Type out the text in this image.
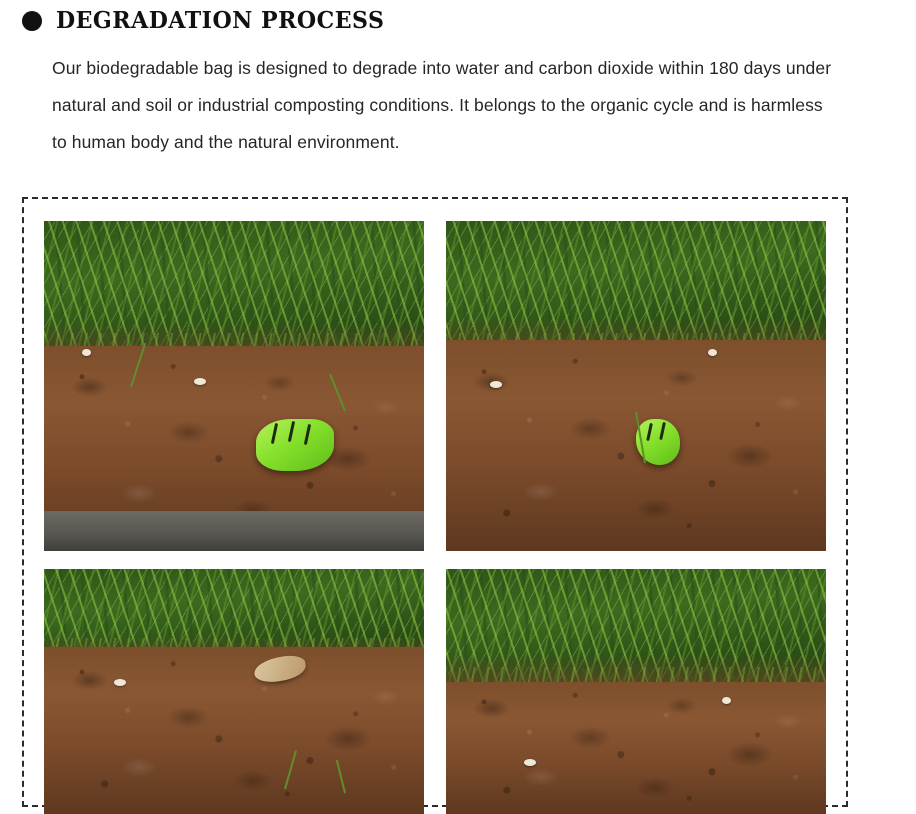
DEGRADATION PROCESS

Our biodegradable bag is designed to degrade into water and carbon dioxide within 180 days under natural and soil or industrial composting conditions. It belongs to the organic cycle and is harmless to human body and the natural environment.
